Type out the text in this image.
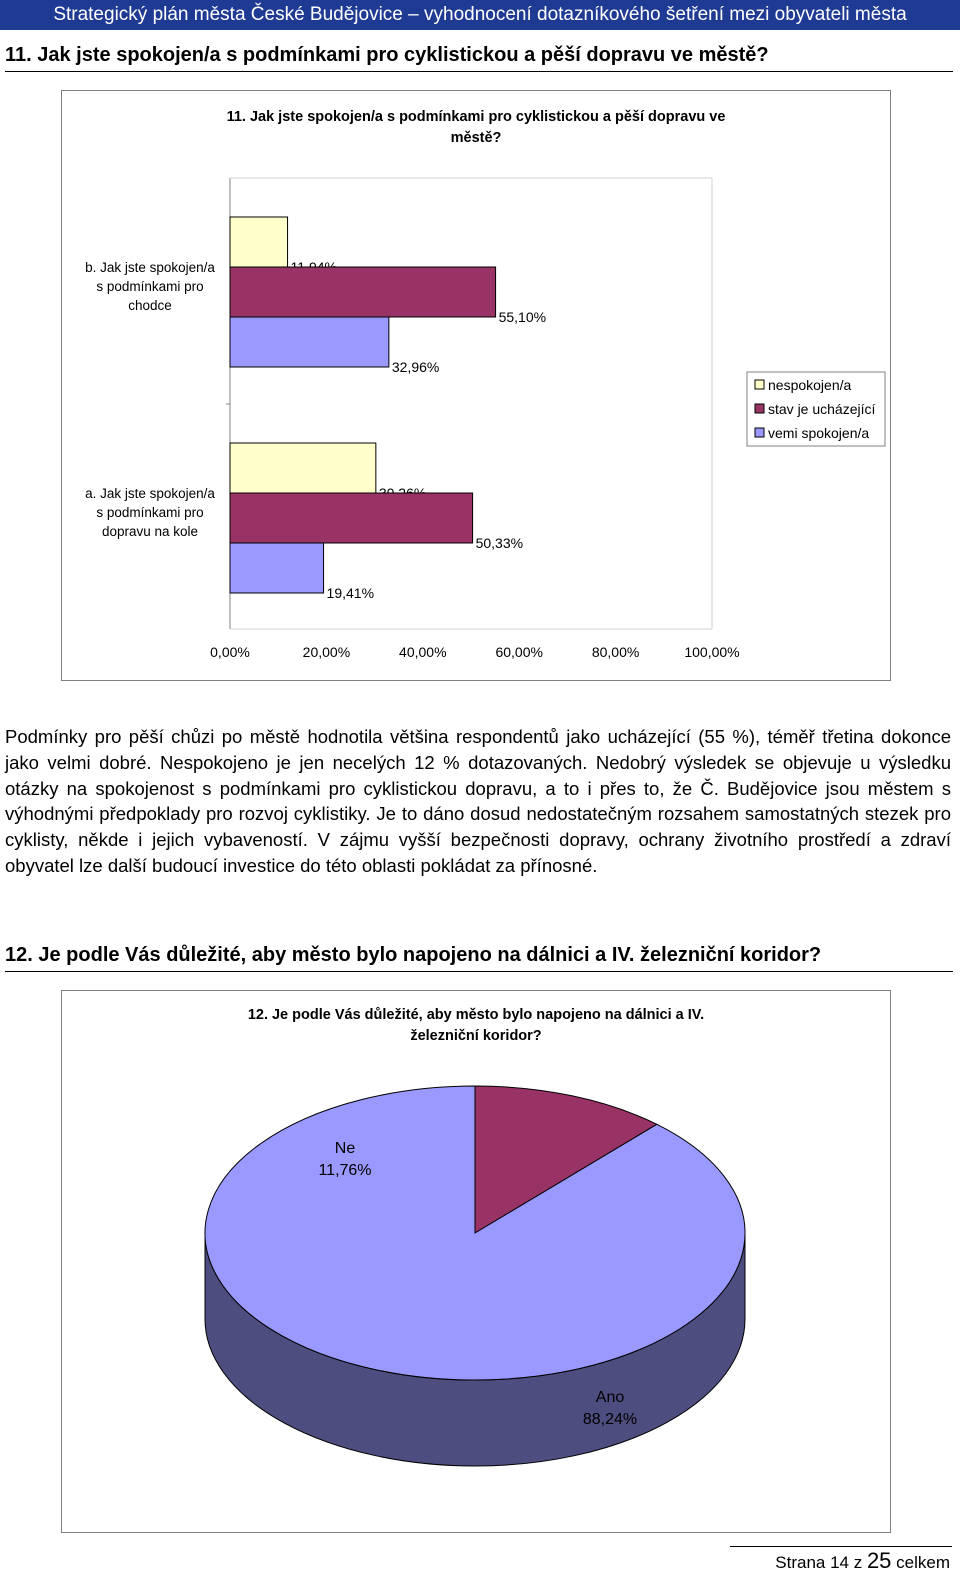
Strategický plán města České Budějovice – vyhodnocení dotazníkového šetření mezi obyvateli města
11. Jak jste spokojen/a s podmínkami pro cyklistickou a pěší dopravu ve městě?
11. Jak jste spokojen/a s podmínkami pro cyklistickou a pěší dopravu ve
městě?
0,00%	20,00%	40,00%	60,00%	80,00%	100,00%
55,10%
32,96%
b. Jak jste spokojen/a
s podmínkami pro
chodce
50,33%
19,41%
a. Jak jste spokojen/a
s podmínkami pro
dopravu na kole
nespokojen/a
stav je ucházející
vemi spokojen/a

Podmínky pro pěší chůzi po městě hodnotila většina respondentů jako ucházející (55 %), téměř třetina dokonce jako velmi dobré. Nespokojeno je jen necelých 12 % dotazovaných. Nedobrý výsledek se objevuje u výsledku otázky na spokojenost s podmínkami pro cyklistickou dopravu, a to i přes to, že Č. Budějovice jsou městem s výhodnými předpoklady pro rozvoj cyklistiky. Je to dáno dosud nedostatečným rozsahem samostatných stezek pro cyklisty, někde i jejich vybaveností. V zájmu vyšší bezpečnosti dopravy, ochrany životního prostředí a zdraví obyvatel lze další budoucí investice do této oblasti pokládat za přínosné.

12. Je podle Vás důležité, aby město bylo napojeno na dálnici a IV. železniční koridor?
12. Je podle Vás důležité, aby město bylo napojeno na dálnici a IV.
železniční koridor?
Ne
11,76%
Ano
88,24%
Strana 14 z 25 celkem
